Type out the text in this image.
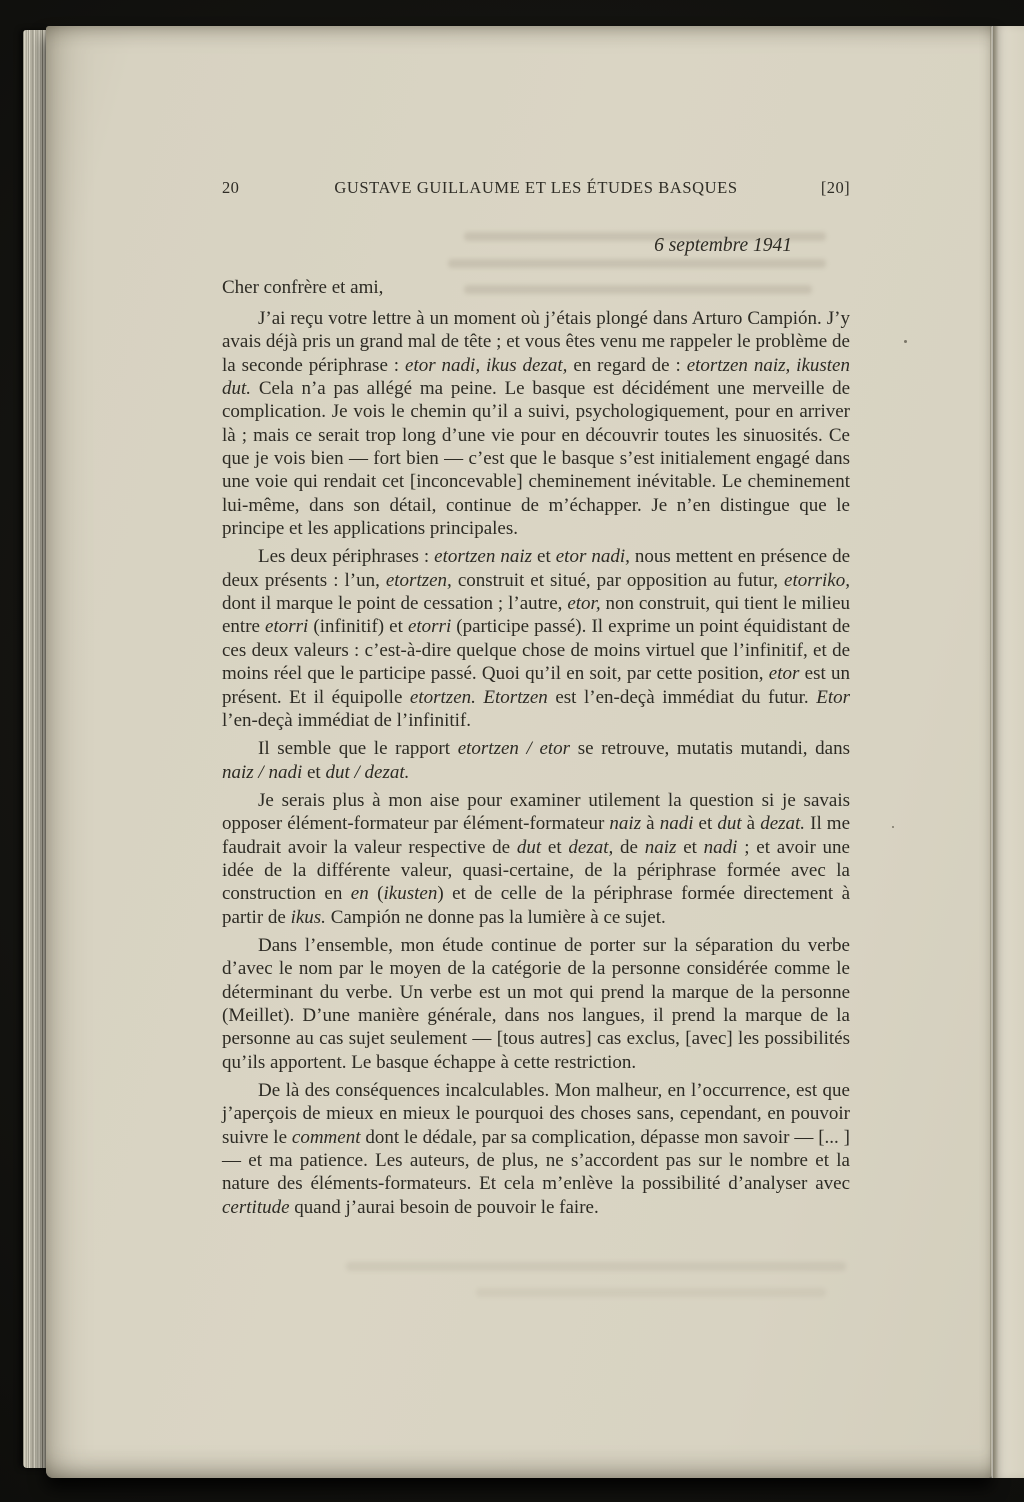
20	GUSTAVE GUILLAUME ET LES ÉTUDES BASQUES	[20]
6 septembre 1941
Cher confrère et ami,

J’ai reçu votre lettre à un moment où j’étais plongé dans Arturo Campión. J’y avais déjà pris un grand mal de tête ; et vous êtes venu me rappeler le problème de la seconde périphrase : etor nadi, ikus dezat, en regard de : etortzen naiz, ikusten dut. Cela n’a pas allégé ma peine. Le basque est décidément une merveille de complication. Je vois le chemin qu’il a suivi, psychologiquement, pour en arriver là ; mais ce serait trop long d’une vie pour en découvrir toutes les sinuosités. Ce que je vois bien — fort bien — c’est que le basque s’est initialement engagé dans une voie qui rendait cet [inconcevable] cheminement inévitable. Le cheminement lui-même, dans son détail, continue de m’échapper. Je n’en distingue que le principe et les applications principales.

Les deux périphrases : etortzen naiz et etor nadi, nous mettent en présence de deux présents : l’un, etortzen, construit et situé, par opposition au futur, etorriko, dont il marque le point de cessation ; l’autre, etor, non construit, qui tient le milieu entre etorri (infinitif) et etorri (participe passé). Il exprime un point équidistant de ces deux valeurs : c’est-à-dire quelque chose de moins virtuel que l’infinitif, et de moins réel que le participe passé. Quoi qu’il en soit, par cette position, etor est un présent. Et il équipolle etortzen. Etortzen est l’en-deçà immédiat du futur. Etor l’en-deçà immédiat de l’infinitif.

Il semble que le rapport etortzen / etor se retrouve, mutatis mutandi, dans naiz / nadi et dut / dezat.

Je serais plus à mon aise pour examiner utilement la question si je savais opposer élément-formateur par élément-formateur naiz à nadi et dut à dezat. Il me faudrait avoir la valeur respective de dut et dezat, de naiz et nadi ; et avoir une idée de la différente valeur, quasi-certaine, de la périphrase formée avec la construction en en (ikusten) et de celle de la périphrase formée directement à partir de ikus. Campión ne donne pas la lumière à ce sujet.

Dans l’ensemble, mon étude continue de porter sur la séparation du verbe d’avec le nom par le moyen de la catégorie de la personne considérée comme le déterminant du verbe. Un verbe est un mot qui prend la marque de la personne (Meillet). D’une manière générale, dans nos langues, il prend la marque de la personne au cas sujet seulement — [tous autres] cas exclus, [avec] les possibilités qu’ils apportent. Le basque échappe à cette restriction.

De là des conséquences incalculables. Mon malheur, en l’occurrence, est que j’aperçois de mieux en mieux le pourquoi des choses sans, cependant, en pouvoir suivre le comment dont le dédale, par sa complication, dépasse mon savoir — [... ] — et ma patience. Les auteurs, de plus, ne s’accordent pas sur le nombre et la nature des éléments-formateurs. Et cela m’enlève la possibilité d’analyser avec certitude quand j’aurai besoin de pouvoir le faire.
